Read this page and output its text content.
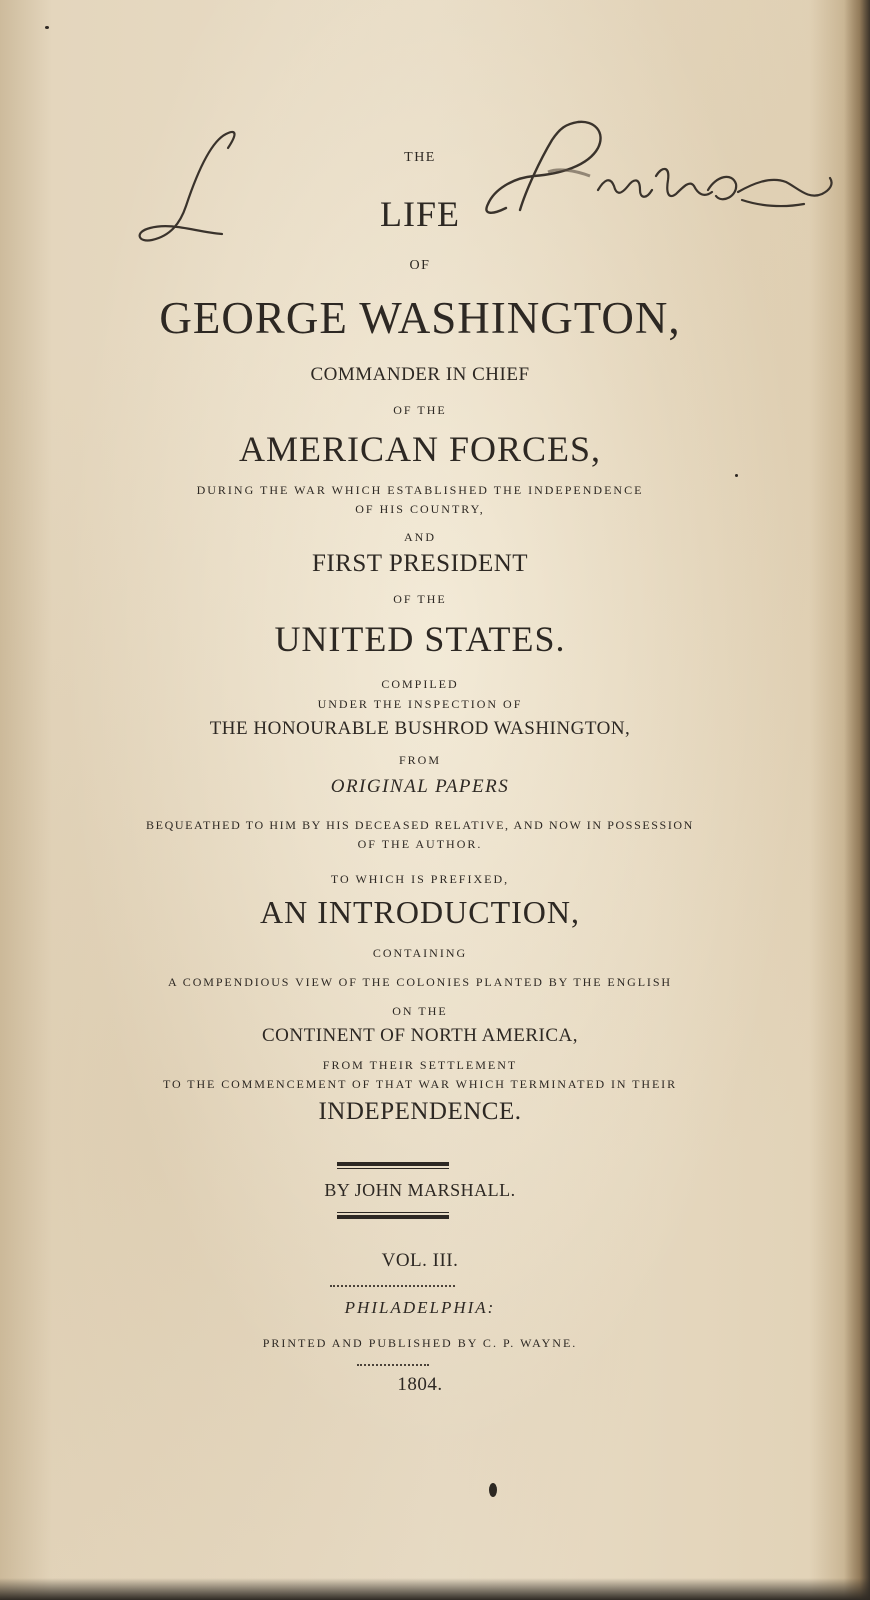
THE
LIFE
OF
GEORGE WASHINGTON,
COMMANDER IN CHIEF
OF THE
AMERICAN FORCES,
DURING THE WAR WHICH ESTABLISHED THE INDEPENDENCE
OF HIS COUNTRY,
AND
FIRST PRESIDENT
OF THE
UNITED STATES.
COMPILED
UNDER THE INSPECTION OF
THE HONOURABLE BUSHROD WASHINGTON,
FROM
ORIGINAL PAPERS
BEQUEATHED TO HIM BY HIS DECEASED RELATIVE, AND NOW IN POSSESSION
OF THE AUTHOR.
TO WHICH IS PREFIXED,
AN INTRODUCTION,
CONTAINING
A COMPENDIOUS VIEW OF THE COLONIES PLANTED BY THE ENGLISH
ON THE
CONTINENT OF NORTH AMERICA,
FROM THEIR SETTLEMENT
TO THE COMMENCEMENT OF THAT WAR WHICH TERMINATED IN THEIR
INDEPENDENCE.
BY JOHN MARSHALL.
VOL. III.
PHILADELPHIA:
PRINTED AND PUBLISHED BY C. P. WAYNE.
1804.
